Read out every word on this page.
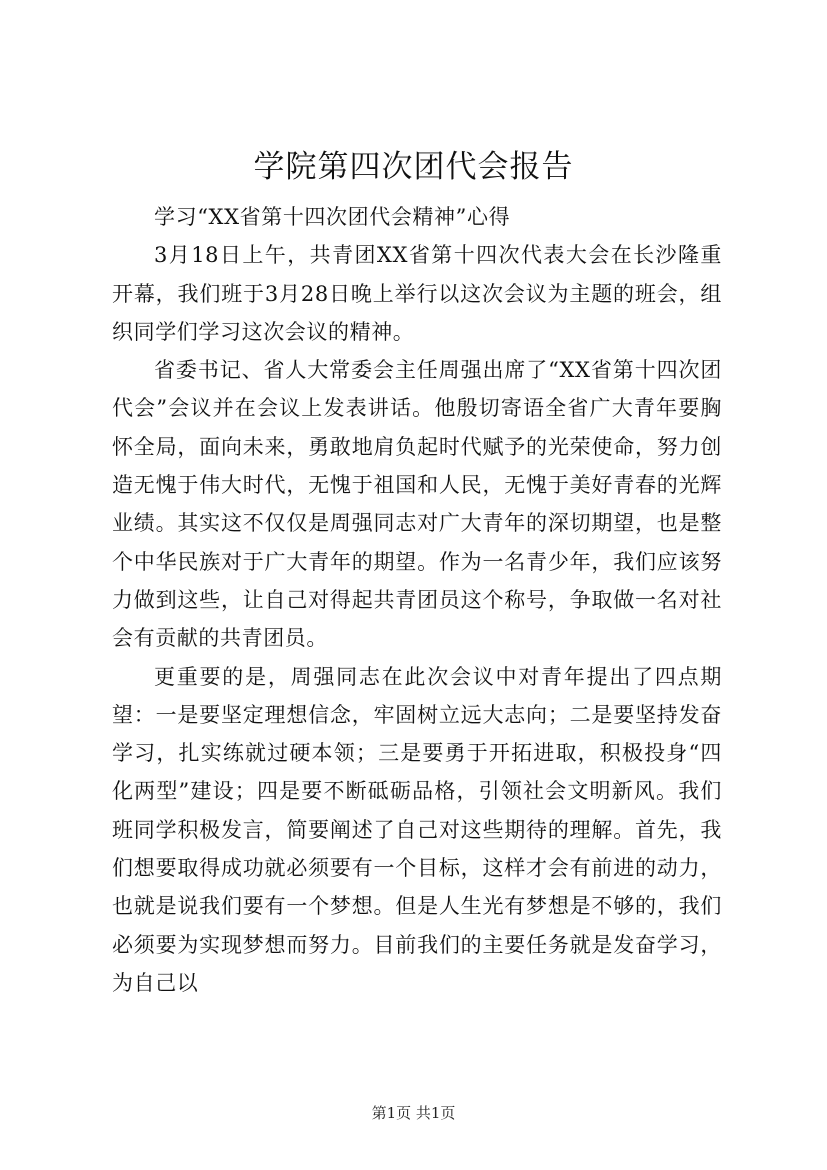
学院第四次团代会报告

学习“XX省第十四次团代会精神”心得

3月18日上午，共青团XX省第十四次代表大会在长沙隆重开幕，我们班于3月28日晚上举行以这次会议为主题的班会，组织同学们学习这次会议的精神。

省委书记、省人大常委会主任周强出席了“XX省第十四次团代会”会议并在会议上发表讲话。他殷切寄语全省广大青年要胸怀全局，面向未来，勇敢地肩负起时代赋予的光荣使命，努力创造无愧于伟大时代，无愧于祖国和人民，无愧于美好青春的光辉业绩。其实这不仅仅是周强同志对广大青年的深切期望，也是整个中华民族对于广大青年的期望。作为一名青少年，我们应该努力做到这些，让自己对得起共青团员这个称号，争取做一名对社会有贡献的共青团员。

更重要的是，周强同志在此次会议中对青年提出了四点期望：一是要坚定理想信念，牢固树立远大志向；二是要坚持发奋学习，扎实练就过硬本领；三是要勇于开拓进取，积极投身“四化两型”建设；四是要不断砥砺品格，引领社会文明新风。我们班同学积极发言，简要阐述了自己对这些期待的理解。首先，我们想要取得成功就必须要有一个目标，这样才会有前进的动力，也就是说我们要有一个梦想。但是人生光有梦想是不够的，我们必须要为实现梦想而努力。目前我们的主要任务就是发奋学习，为自己以

第1页 共1页
